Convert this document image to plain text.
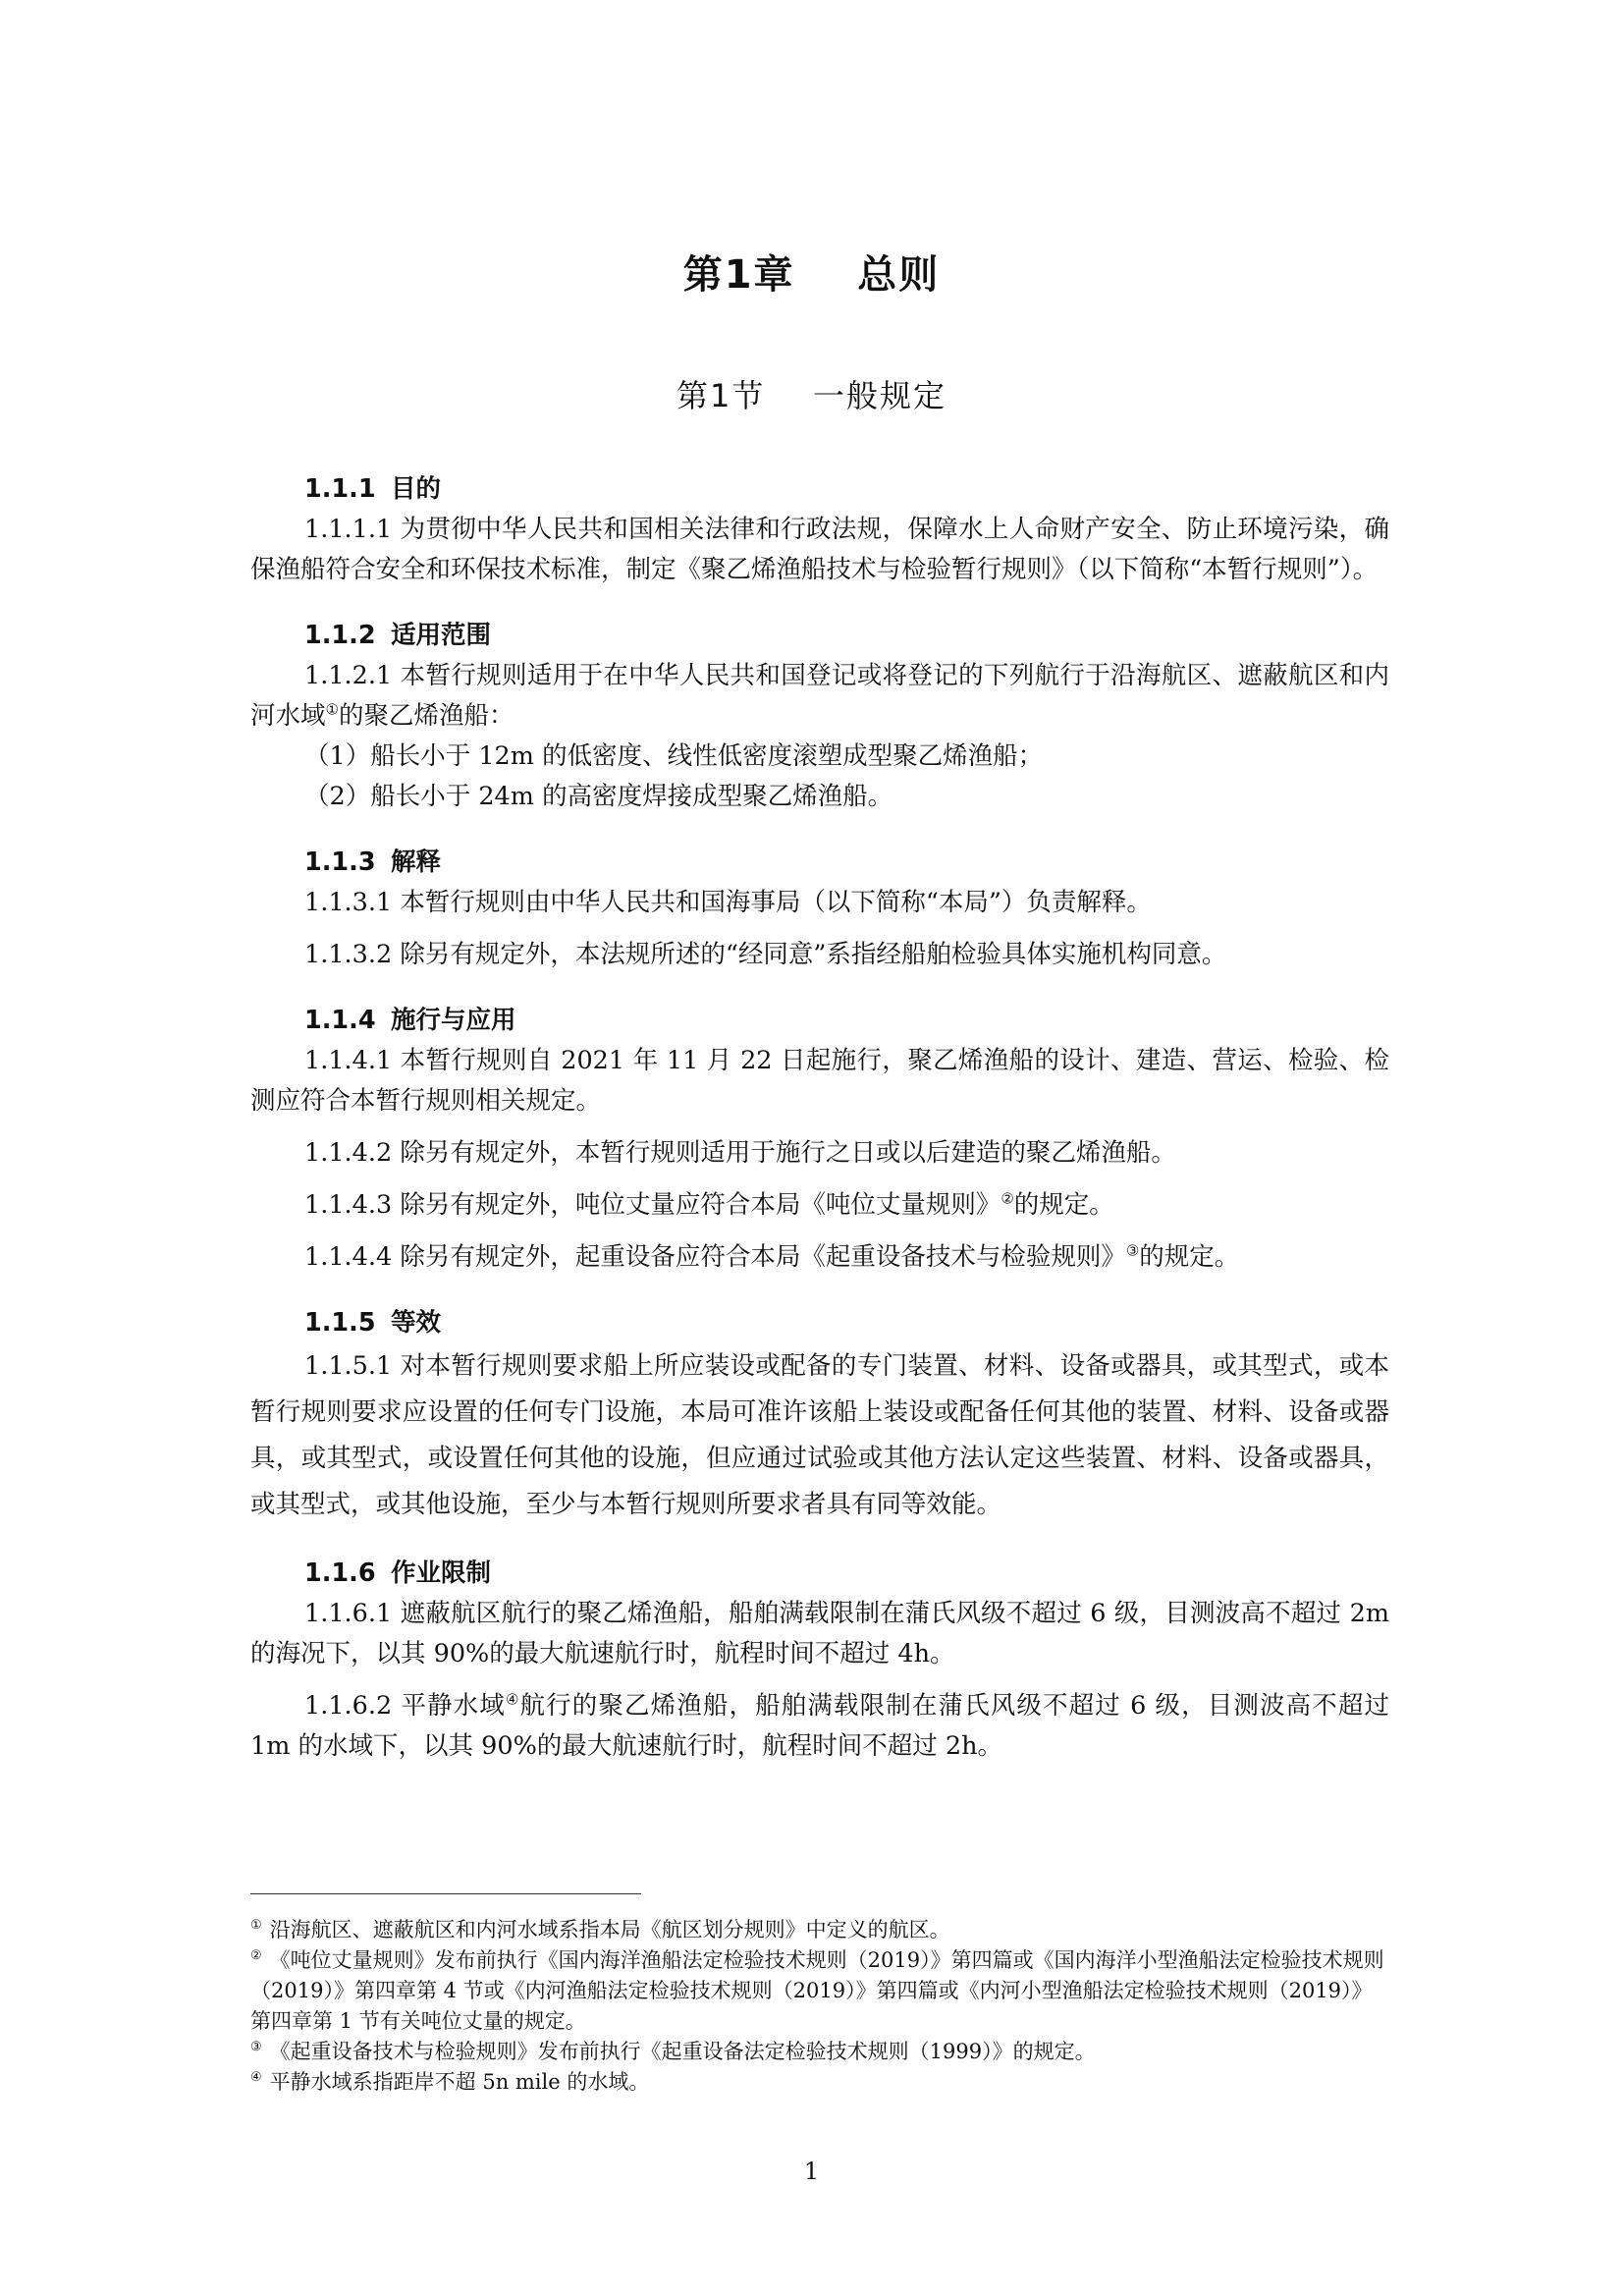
第1章    总则
第1节    一般规定
1.1.1 目的

1.1.1.1 为贯彻中华人民共和国相关法律和行政法规，保障水上人命财产安全、防止环境污染，确保渔船符合安全和环保技术标准，制定《聚乙烯渔船技术与检验暂行规则》（以下简称“本暂行规则”）。

1.1.2 适用范围

1.1.2.1 本暂行规则适用于在中华人民共和国登记或将登记的下列航行于沿海航区、遮蔽航区和内河水域①的聚乙烯渔船：

（1）船长小于 12m 的低密度、线性低密度滚塑成型聚乙烯渔船；
（2）船长小于 24m 的高密度焊接成型聚乙烯渔船。
1.1.3 解释

1.1.3.1 本暂行规则由中华人民共和国海事局（以下简称“本局”）负责解释。

1.1.3.2 除另有规定外，本法规所述的“经同意”系指经船舶检验具体实施机构同意。

1.1.4 施行与应用

1.1.4.1 本暂行规则自 2021 年 11 月 22 日起施行，聚乙烯渔船的设计、建造、营运、检验、检测应符合本暂行规则相关规定。

1.1.4.2 除另有规定外，本暂行规则适用于施行之日或以后建造的聚乙烯渔船。

1.1.4.3 除另有规定外，吨位丈量应符合本局《吨位丈量规则》②的规定。

1.1.4.4 除另有规定外，起重设备应符合本局《起重设备技术与检验规则》③的规定。

1.1.5 等效

1.1.5.1 对本暂行规则要求船上所应装设或配备的专门装置、材料、设备或器具，或其型式，或本暂行规则要求应设置的任何专门设施，本局可准许该船上装设或配备任何其他的装置、材料、设备或器具，或其型式，或设置任何其他的设施，但应通过试验或其他方法认定这些装置、材料、设备或器具，或其型式，或其他设施，至少与本暂行规则所要求者具有同等效能。

1.1.6 作业限制

1.1.6.1 遮蔽航区航行的聚乙烯渔船，船舶满载限制在蒲氏风级不超过 6 级，目测波高不超过 2m 的海况下，以其 90%的最大航速航行时，航程时间不超过 4h。

1.1.6.2 平静水域④航行的聚乙烯渔船，船舶满载限制在蒲氏风级不超过 6 级，目测波高不超过 1m 的水域下，以其 90%的最大航速航行时，航程时间不超过 2h。

① 沿海航区、遮蔽航区和内河水域系指本局《航区划分规则》中定义的航区。

② 《吨位丈量规则》发布前执行《国内海洋渔船法定检验技术规则（2019）》第四篇或《国内海洋小型渔船法定检验技术规则（2019）》第四章第 4 节或《内河渔船法定检验技术规则（2019）》第四篇或《内河小型渔船法定检验技术规则（2019）》第四章第 1 节有关吨位丈量的规定。

③ 《起重设备技术与检验规则》发布前执行《起重设备法定检验技术规则（1999）》的规定。

④ 平静水域系指距岸不超 5n mile 的水域。

1
